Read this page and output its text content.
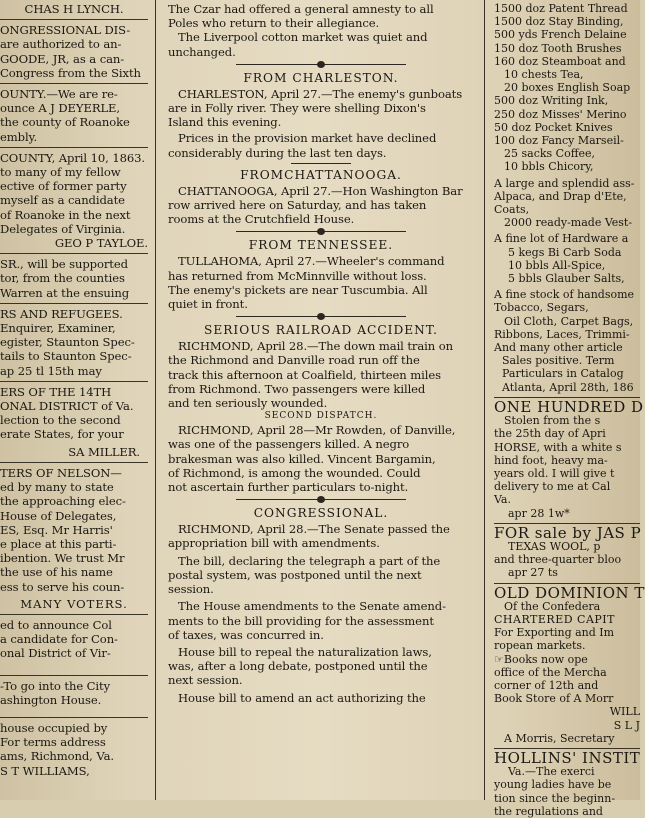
CHAS H LYNCH.

ONGRESSIONAL DIS-

are authorized to an-

GOODE, JR, as a can-

Congress from the Sixth

OUNTY.—We are re-

ounce A J DEYERLE,

the county of Roanoke

embly.

COUNTY, April 10, 1863.

to many of my fellow

ective of former party

myself as a candidate

of Roanoke in the next

Delegates of Virginia.

GEO P TAYLOE.

SR., will be supported

tor, from the counties

Warren at the ensuing

RS AND REFUGEES.

Enquirer, Examiner,

egister, Staunton Spec-

tails to Staunton Spec-

ap 25 tl 15th may

ERS OF THE 14TH

ONAL DISTRICT of Va.

lection to the second

erate States, for your

SA MILLER.

TERS OF NELSON—

ed by many to state

the approaching elec-

House of Delegates,

ES, Esq. Mr Harris'

e place at this parti-

ibention. We trust Mr

the use of his name

ess to serve his coun-

MANY VOTERS.

ed to announce Col

a candidate for Con-

onal District of Vir-

-To go into the City

ashington House.

house occupied by

For terms address

ams, Richmond, Va.

S T WILLIAMS,

The Czar had offered a general amnesty to all

Poles who return to their allegiance.

The Liverpool cotton market was quiet and

unchanged.

FROM CHARLESTON.

CHARLESTON, April 27.—The enemy's gunboats

are in Folly river. They were shelling Dixon's

Island this evening.

Prices in the provision market have declined

considerably during the last ten days.

FROMCHATTANOOGA.

CHATTANOOGA, April 27.—Hon Washington Bar

row arrived here on Saturday, and has taken

rooms at the Crutchfield House.

FROM TENNESSEE.

TULLAHOMA, April 27.—Wheeler's command

has returned from McMinnville without loss.

The enemy's pickets are near Tuscumbia. All

quiet in front.

SERIOUS RAILROAD ACCIDENT.

RICHMOND, April 28.—The down mail train on

the Richmond and Danville road run off the

track this afternoon at Coalfield, thirteen miles

from Richmond. Two passengers were killed

and ten seriously wounded.

SECOND DISPATCH.

RICHMOND, April 28—Mr Rowden, of Danville,

was one of the passengers killed. A negro

brakesman was also killed. Vincent Bargamin,

of Richmond, is among the wounded. Could

not ascertain further particulars to-night.

CONGRESSIONAL.

RICHMOND, April 28.—The Senate passed the

appropriation bill with amendments.

The bill, declaring the telegraph a part of the

postal system, was postponed until the next

session.

The House amendments to the Senate amend-

ments to the bill providing for the assessment

of taxes, was concurred in.

House bill to repeal the naturalization laws,

was, after a long debate, postponed until the

next session.

House bill to amend an act authorizing the

1500 doz Patent Thread

1500 doz Stay Binding,

500 yds French Delaine

150 doz Tooth Brushes

160 doz Steamboat and

10 chests Tea,

20 boxes English Soap

500 doz Writing Ink,

250 doz Misses' Merino

50 doz Pocket Knives

100 doz Fancy Marseil-

25 sacks Coffee,

10 bbls Chicory,

A large and splendid ass-

Alpaca, and Drap d'Ete,

Coats,

2000 ready-made Vest-

A fine lot of Hardware a

5 kegs Bi Carb Soda

10 bbls All-Spice,

5 bbls Glauber Salts,

A fine stock of handsome

Tobacco, Segars,

Oil Cloth, Carpet Bags,

Ribbons, Laces, Trimmi-

And many other article

Sales positive. Term

Particulars in Catalog

Atlanta, April 28th, 186

ONE HUNDRED D

Stolen from the s

the 25th day of Apri

HORSE, with a white s

hind foot, heavy ma-

years old. I will give t

delivery to me at Cal

Va.

apr 28 1w*

FOR sale by JAS P

TEXAS WOOL, p

and three-quarter bloo

apr 27 ts

OLD DOMINION T

Of the Confedera

CHARTERED CAPIT

For Exporting and Im

ropean markets.

☞Books now ope

office of the Mercha

corner of 12th and

Book Store of A Morr

WILL

S L J

A Morris, Secretary

HOLLINS' INSTIT

Va.—The exerci

young ladies have be

tion since the beginn-

the regulations and
